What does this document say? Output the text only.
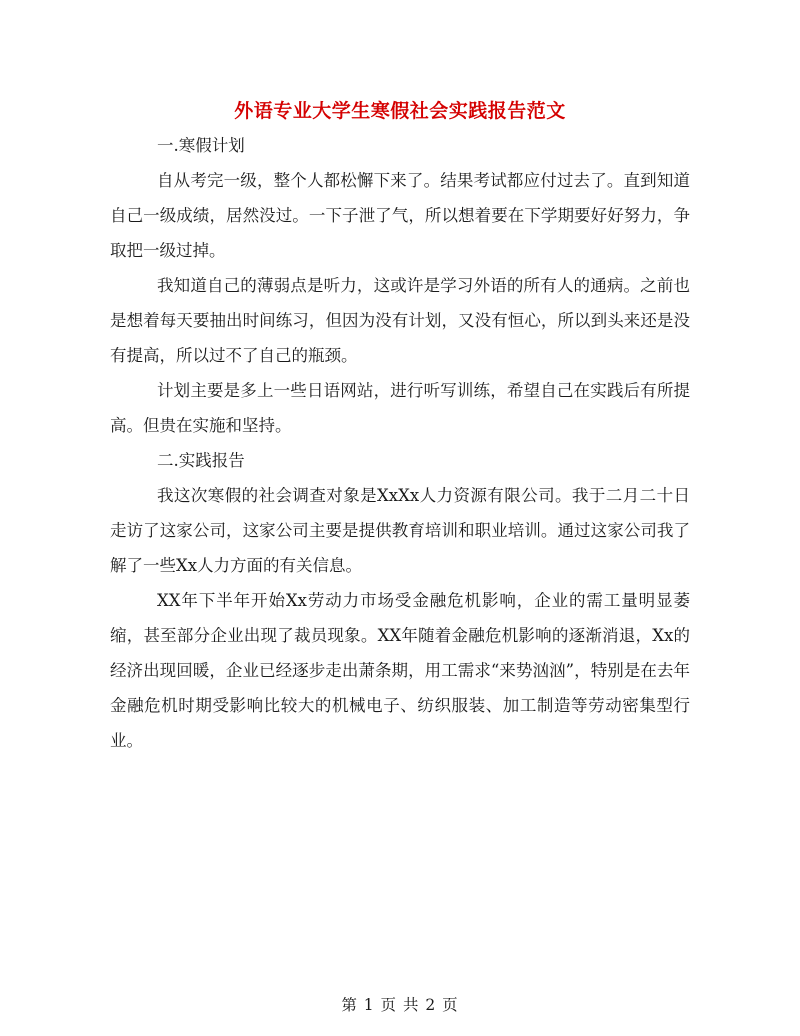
外语专业大学生寒假社会实践报告范文

一.寒假计划

自从考完一级，整个人都松懈下来了。结果考试都应付过去了。直到知道自己一级成绩，居然没过。一下子泄了气，所以想着要在下学期要好好努力，争取把一级过掉。

我知道自己的薄弱点是听力，这或许是学习外语的所有人的通病。之前也是想着每天要抽出时间练习，但因为没有计划，又没有恒心，所以到头来还是没有提高，所以过不了自己的瓶颈。

计划主要是多上一些日语网站，进行听写训练，希望自己在实践后有所提高。但贵在实施和坚持。

二.实践报告

我这次寒假的社会调查对象是XxXx人力资源有限公司。我于二月二十日走访了这家公司，这家公司主要是提供教育培训和职业培训。通过这家公司我了解了一些Xx人力方面的有关信息。

XX年下半年开始Xx劳动力市场受金融危机影响，企业的需工量明显萎缩，甚至部分企业出现了裁员现象。XX年随着金融危机影响的逐渐消退，Xx的经济出现回暖，企业已经逐步走出萧条期，用工需求“来势汹汹”，特别是在去年金融危机时期受影响比较大的机械电子、纺织服装、加工制造等劳动密集型行业。

第 1 页 共 2 页
